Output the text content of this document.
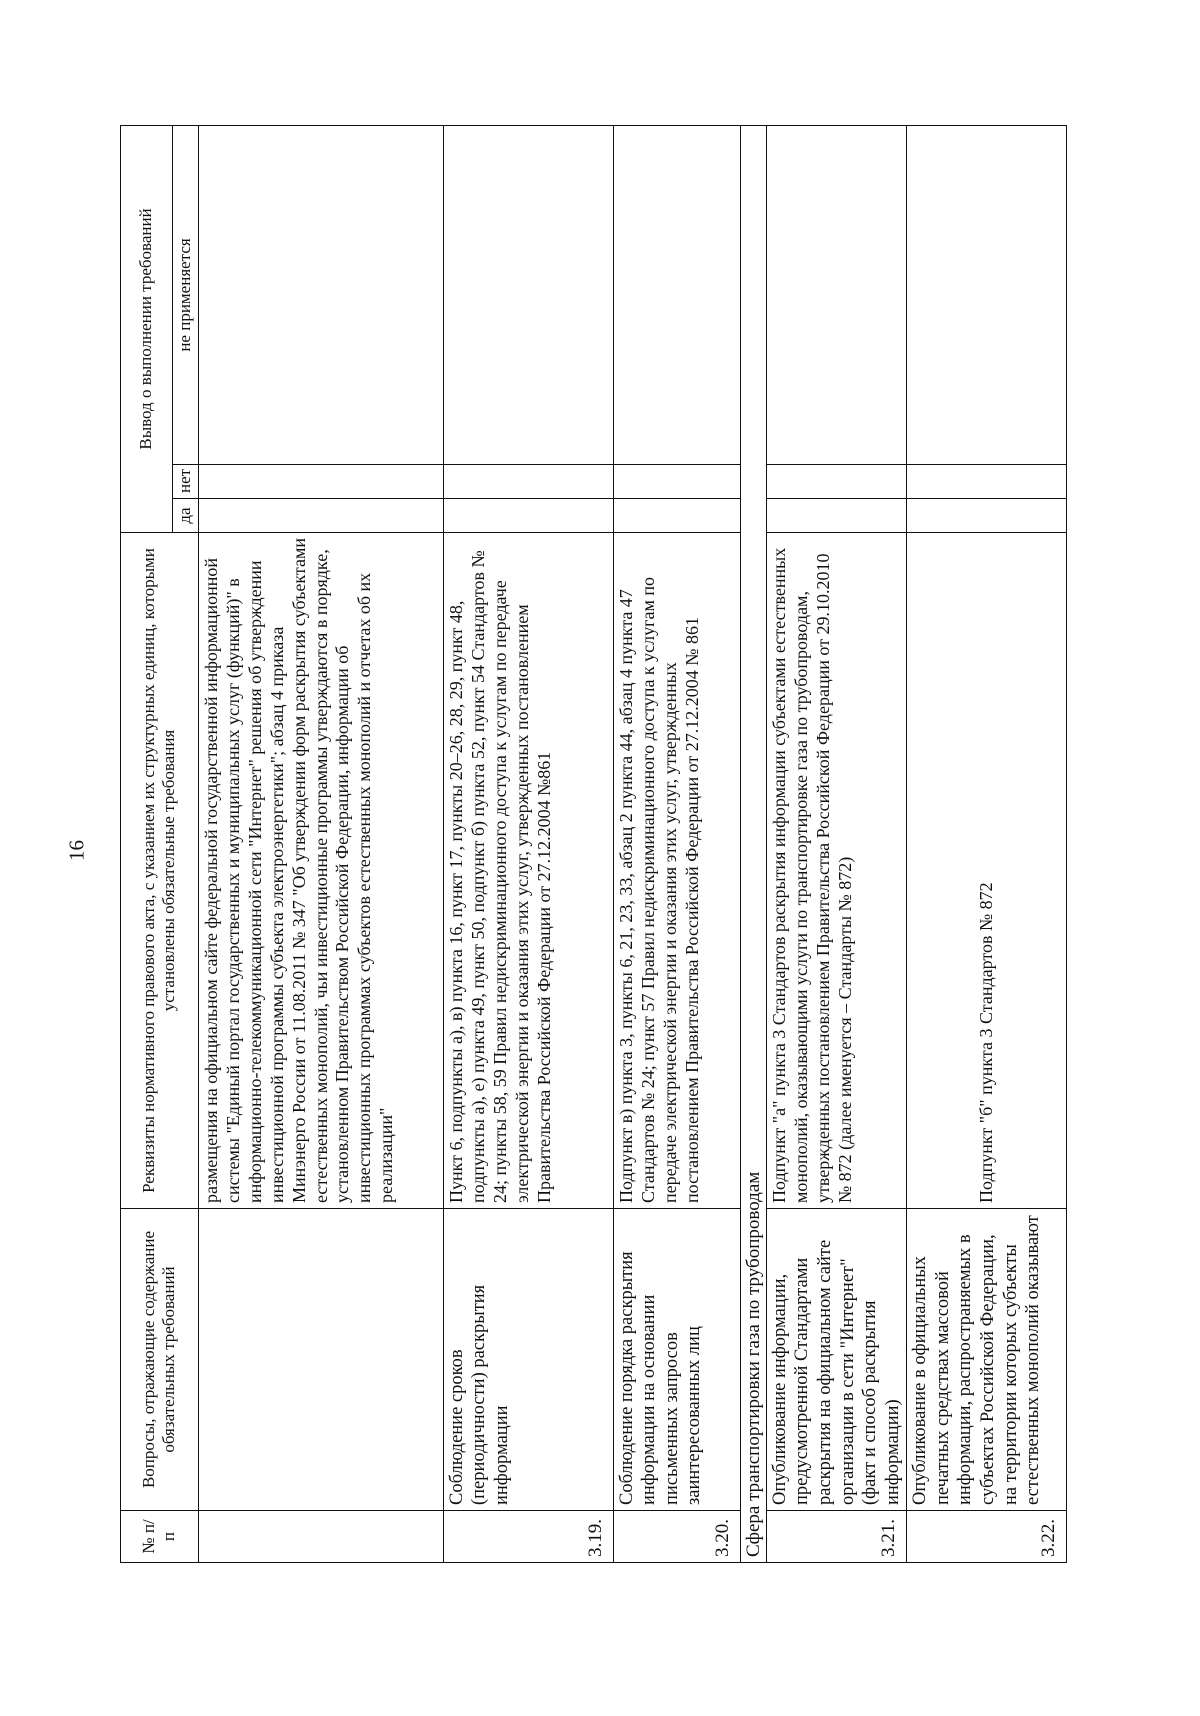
16
№ п/п	Вопросы, отражающие содержание обязательных требований	Реквизиты нормативного правового акта, с указанием их структурных единиц, которыми установлены обязательные требования	Вывод о выполнении требований		
			да	нет	не применяется
		размещения на официальном сайте федеральной государственной информационной системы "Единый портал государственных и муниципальных услуг (функций)" в информационно-телекоммуникационной сети "Интернет" решения об утверждении инвестиционной программы субъекта электроэнергетики"; абзац 4 приказа Минэнерго России от 11.08.2011 № 347 "Об утверждении форм раскрытия субъектами естественных монополий, чьи инвестиционные программы утверждаются в порядке, установленном Правительством Российской Федерации, информации об инвестиционных программах субъектов естественных монополий и отчетах об их реализации"			
3.19.	Соблюдение сроков (периодичности) раскрытия информации	Пункт 6, подпункты а), в) пункта 16, пункт 17, пункты 20–26, 28, 29, пункт 48, подпункты а), е) пункта 49, пункт 50, подпункт б) пункта 52, пункт 54 Стандартов № 24; пункты 58, 59 Правил недискриминационного доступа к услугам по передаче электрической энергии и оказания этих услуг, утвержденных постановлением Правительства Российской Федерации от 27.12.2004 №861			
3.20.	Соблюдение порядка раскрытия информации на основании письменных запросов заинтересованных лиц	Подпункт в) пункта 3, пункты 6, 21, 23, 33, абзац 2 пункта 44, абзац 4 пункта 47 Стандартов № 24; пункт 57 Правил недискриминационного доступа к услугам по передаче электрической энергии и оказания этих услуг, утвержденных постановлением Правительства Российской Федерации от 27.12.2004 № 861			
Сфера транспортировки газа по трубопроводам					
3.21.	Опубликование информации, предусмотренной Стандартами раскрытия на официальном сайте организации в сети "Интернет" (факт и способ раскрытия информации)	Подпункт "а" пункта 3 Стандартов раскрытия информации субъектами естественных монополий, оказывающими услуги по транспортировке газа по трубопроводам, утвержденных постановлением Правительства Российской Федерации от 29.10.2010 № 872 (далее именуется – Стандарты № 872)			
3.22.	Опубликование в официальных печатных средствах массовой информации, распространяемых в субъектах Российской Федерации, на территории которых субъекты естественных монополий оказывают	Подпункт "б" пункта 3 Стандартов № 872			
